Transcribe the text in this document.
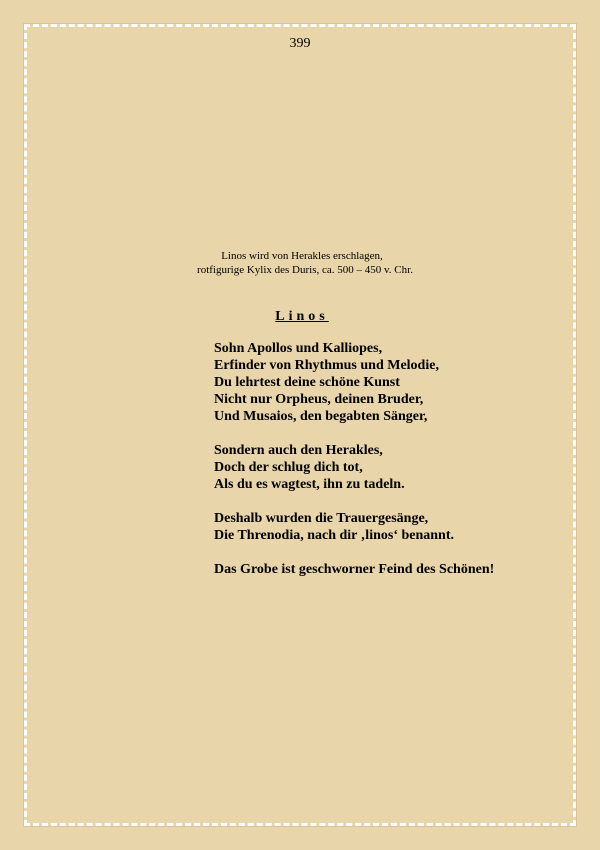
399
Linos wird von Herakles erschlagen,
rotfigurige Kylix des Duris, ca. 500 – 450 v. Chr.
Linos
Sohn Apollos und Kalliopes,
Erfinder von Rhythmus und Melodie,
Du lehrtest deine schöne Kunst
Nicht nur Orpheus, deinen Bruder,
Und Musaios, den begabten Sänger,
Sondern auch den Herakles,
Doch der schlug dich tot,
Als du es wagtest, ihn zu tadeln.
Deshalb wurden die Trauergesänge,
Die Threnodia, nach dir ‚linos‘ benannt.
Das Grobe ist geschworner Feind des Schönen!
